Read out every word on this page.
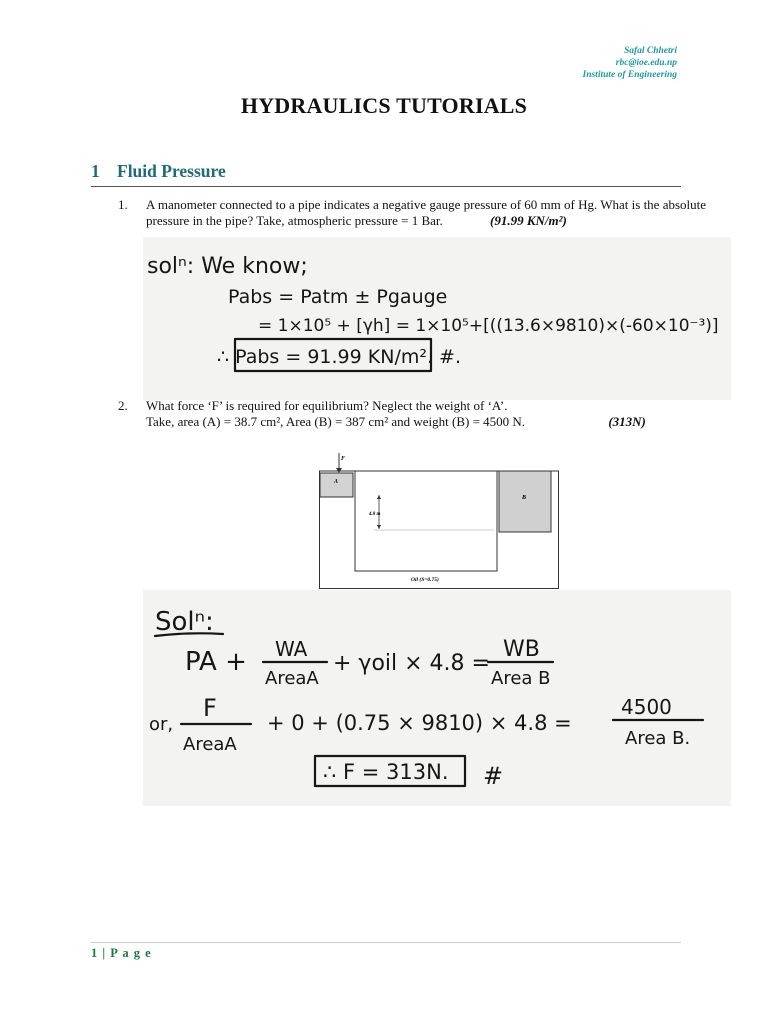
Safal Chhetri
rbc@ioe.edu.np
Institute of Engineering
HYDRAULICS TUTORIALS
1 Fluid Pressure
1. A manometer connected to a pipe indicates a negative gauge pressure of 60 mm of Hg. What is the absolute
pressure in the pipe? Take, atmospheric pressure = 1 Bar.	(91.99 KN/m²)
solⁿ: We know;
Pabs = Patm ± Pgauge
= 1×10⁵ + [γh] = 1×10⁵+[((13.6×9810)×(-60×10⁻³)]
∴ Pabs = 91.99 KN/m². #.
2. What force ‘F’ is required for equilibrium? Neglect the weight of ‘A’.
Take, area (A) = 38.7 cm², Area (B) = 387 cm² and weight (B) = 4500 N.	(313N)
F
A
B
4.8 m
Oil (S=0.75)
Solⁿ:
PA + WA
AreaA
+ γoil × 4.8 =
WB
Area B
or,
F
AreaA
+ 0 + (0.75 × 9810) × 4.8 =
4500
Area B.
∴ F = 313N. #
1 | P a g e
